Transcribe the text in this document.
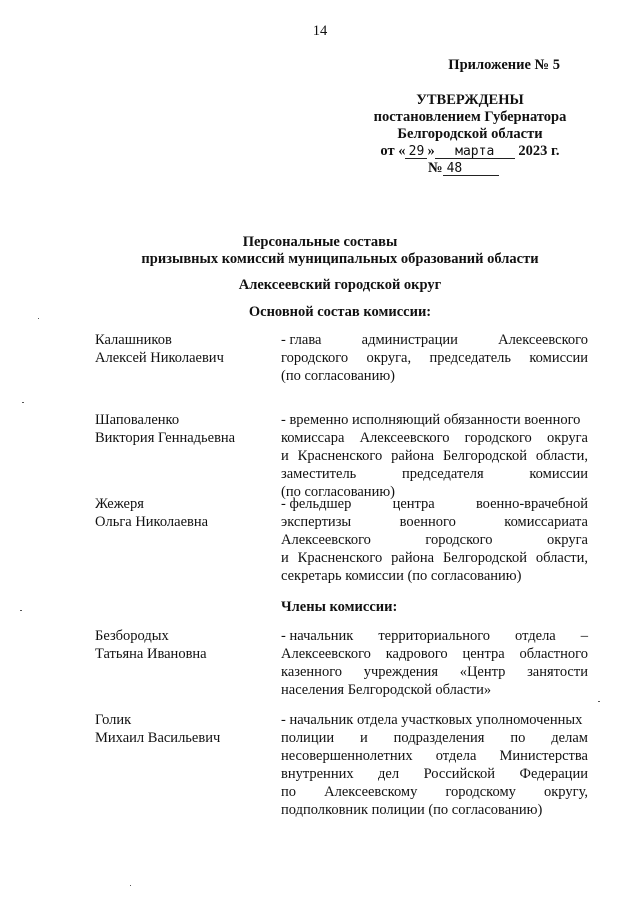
14
Приложение № 5
УТВЕРЖДЕНЫ
постановлением Губернатора
Белгородской области
от « 29 » марта 2023 г.
№ 48
Персональные составы
призывных комиссий муниципальных образований области
Алексеевский городской округ
Основной состав комиссии:
Калашников
Алексей Николаевич
- глава	администрации	Алексеевского
городского округа, председатель комиссии
(по согласованию)
Шаповаленко
Виктория Геннадьевна
- временно исполняющий обязанности военного
комиссара Алексеевского городского округа
и Красненского района Белгородской области,
заместитель	председателя	комиссии
(по согласованию)
Жежеря
Ольга Николаевна
- фельдшер	центра	военно-врачебной
экспертизы	военного	комиссариата
Алексеевского	городского	округа
и Красненского района Белгородской области,
секретарь комиссии (по согласованию)
Члены комиссии:
Безбородых
Татьяна Ивановна
- начальник территориального отдела –
Алексеевского кадрового центра областного
казенного учреждения «Центр занятости
населения Белгородской области»
Голик
Михаил Васильевич
- начальник отдела участковых уполномоченных
полиции и подразделения по делам
несовершеннолетних отдела Министерства
внутренних дел Российской Федерации
по Алексеевскому городскому округу,
подполковник полиции (по согласованию)
